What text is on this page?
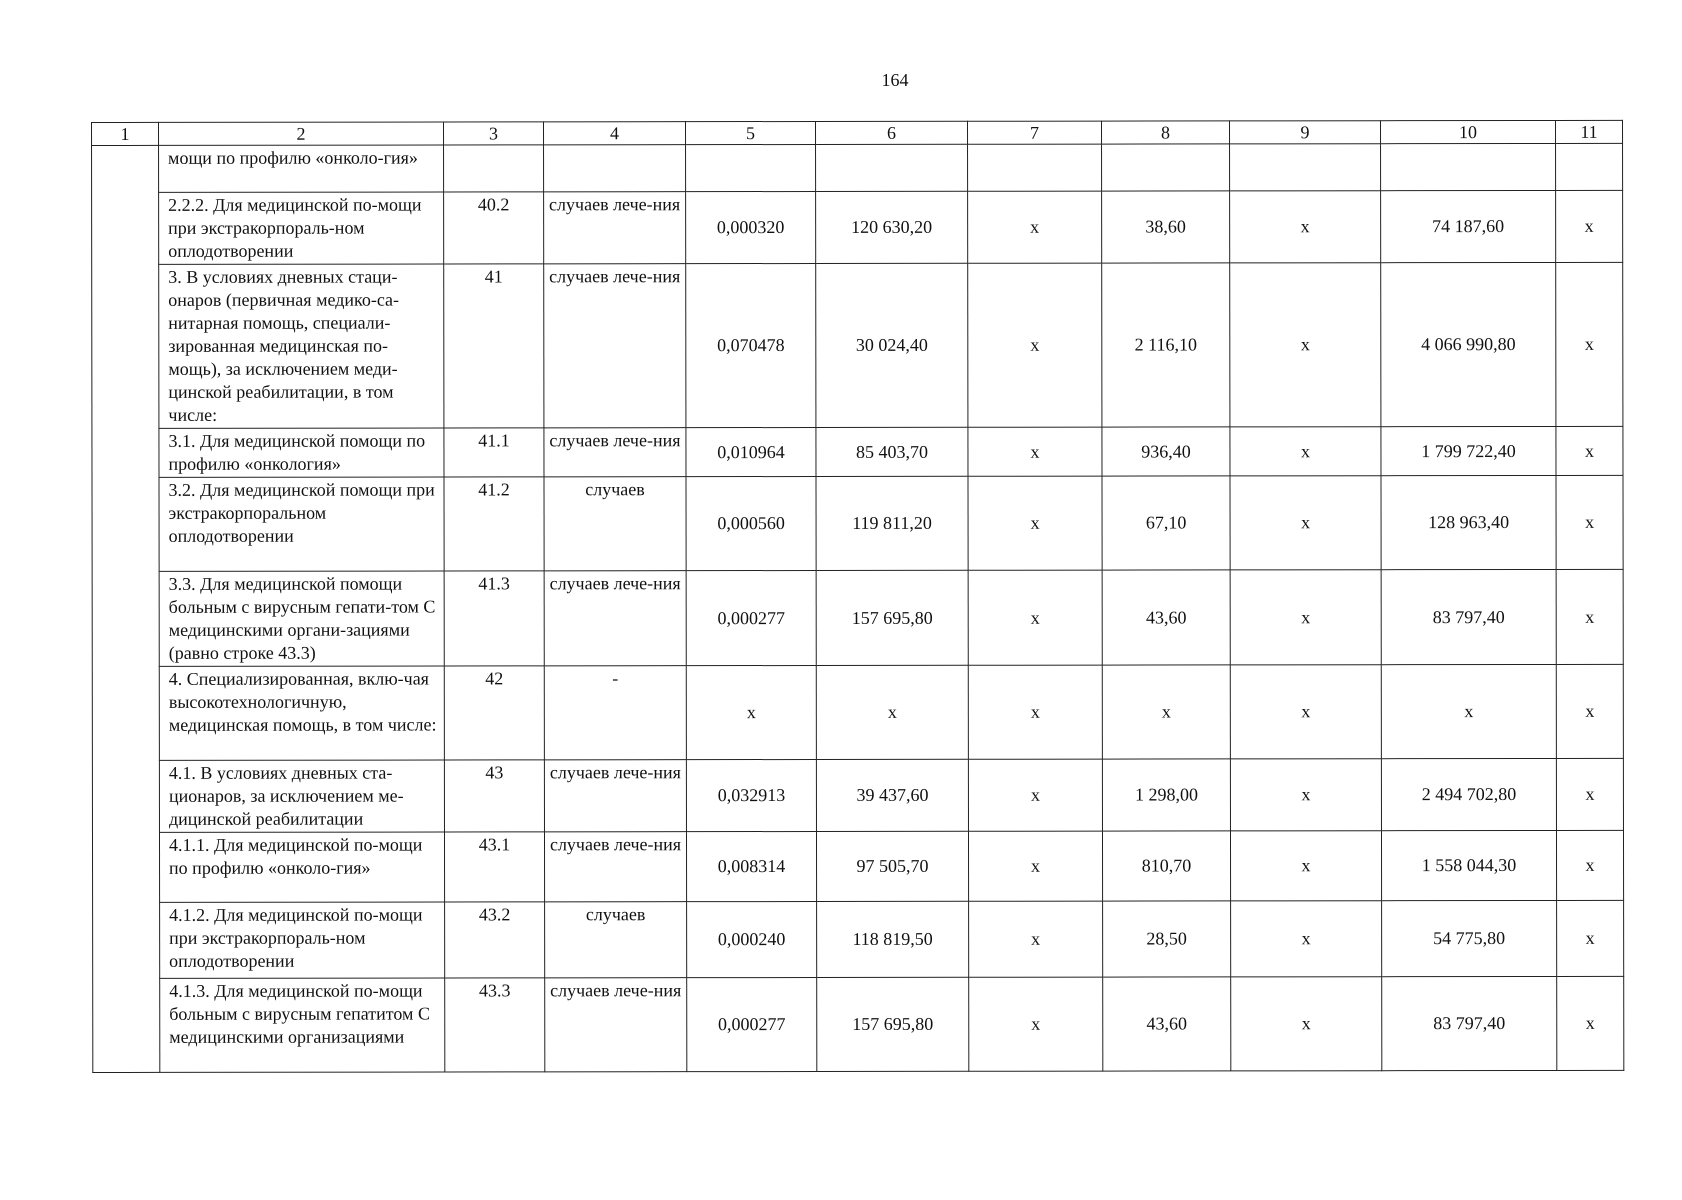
164
1	2	3	4	5	6	7	8	9	10	11
	мощи по профилю «онколо-гия»									
	2.2.2. Для медицинской по-мощи при экстракорпораль-ном оплодотворении	40.2	случаев лече-ния	0,000320	120 630,20	x	38,60	x	74 187,60	x
	3. В условиях дневных стаци-онаров (первичная медико-са-нитарная помощь, специали-зированная медицинская по-мощь), за исключением меди-цинской реабилитации, в том числе:	41	случаев лече-ния	0,070478	30 024,40	x	2 116,10	x	4 066 990,80	x
	3.1. Для медицинской помощи по профилю «онкология»	41.1	случаев лече-ния	0,010964	85 403,70	x	936,40	x	1 799 722,40	x
	3.2. Для медицинской помощи при экстракорпоральном оплодотворении	41.2	случаев	0,000560	119 811,20	x	67,10	x	128 963,40	x
	3.3. Для медицинской помощи больным с вирусным гепати-том С медицинскими органи-зациями (равно строке 43.3)	41.3	случаев лече-ния	0,000277	157 695,80	x	43,60	x	83 797,40	x
	4. Специализированная, вклю-чая высокотехнологичную, медицинская помощь, в том числе:	42	-	x	x	x	x	x	x	x
	4.1. В условиях дневных ста-ционаров, за исключением ме-дицинской реабилитации	43	случаев лече-ния	0,032913	39 437,60	x	1 298,00	x	2 494 702,80	x
	4.1.1. Для медицинской по-мощи по профилю «онколо-гия»	43.1	случаев лече-ния	0,008314	97 505,70	x	810,70	x	1 558 044,30	x
	4.1.2. Для медицинской по-мощи при экстракорпораль-ном оплодотворении	43.2	случаев	0,000240	118 819,50	x	28,50	x	54 775,80	x
	4.1.3. Для медицинской по-мощи больным с вирусным гепатитом С медицинскими организациями	43.3	случаев лече-ния	0,000277	157 695,80	x	43,60	x	83 797,40	x
